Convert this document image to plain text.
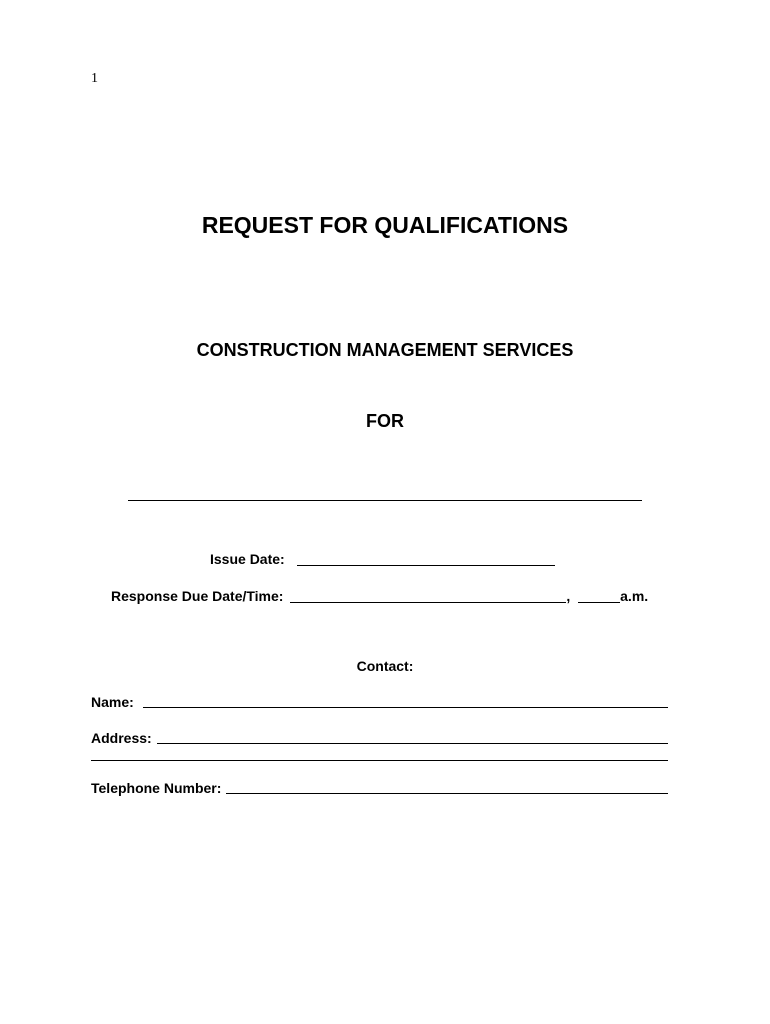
1
REQUEST FOR QUALIFICATIONS
CONSTRUCTION MANAGEMENT SERVICES
FOR
Issue Date:
Response Due Date/Time:	,	a.m.
Contact:
Name:
Address:
Telephone Number:
